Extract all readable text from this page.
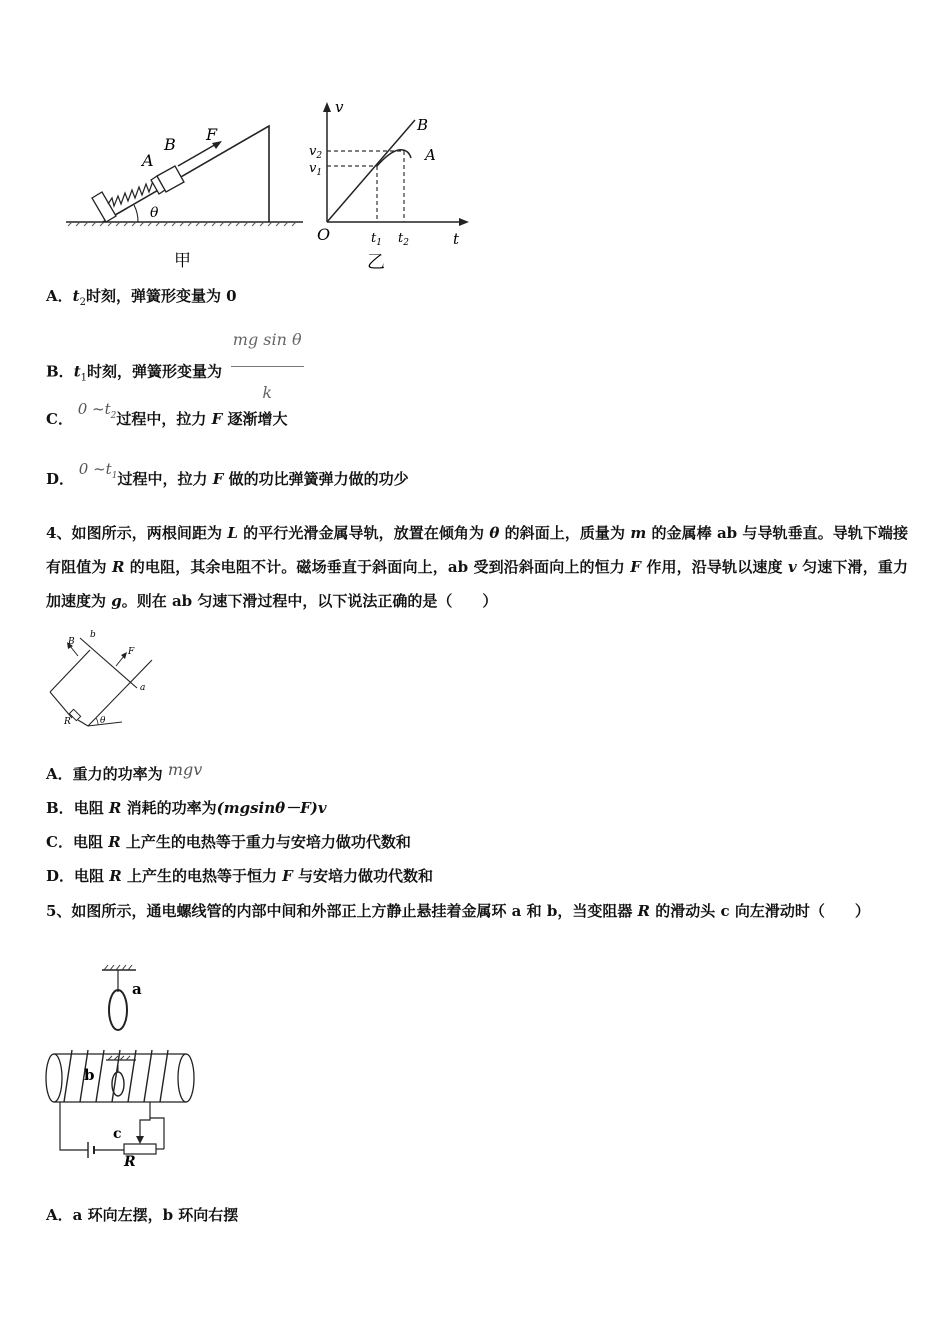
A
B
F
θ
甲
v
t
O
$v_2$
$v_1$
$t_1$ $t_2$
B
A
乙
A．$t_2$时刻，弹簧形变量为 0
B．$t_1$时刻，弹簧形变量为 $\frac{\text{mg sin θ}}{k}$
C． 0 $\sim t_2$过程中，拉力 F 逐渐增大
D． 0 $\sim t_1$过程中，拉力 F 做的功比弹簧弹力做的功少
4、如图所示，两根间距为 L 的平行光滑金属导轨，放置在倾角为 θ 的斜面上，质量为 m 的金属棒 ab 与导轨垂直。导轨下端接有阻值为 R 的电阻，其余电阻不计。磁场垂直于斜面向上，ab 受到沿斜面向上的恒力 F 作用，沿导轨以速度 v 匀速下滑，重力加速度为 g。则在 ab 匀速下滑过程中，以下说法正确的是（　　）
B
b
F
a
R	θ
A．重力的功率为 mgv
B．电阻 R 消耗的功率为(mgsinθ－F)v
C．电阻 R 上产生的电热等于重力与安培力做功代数和
D．电阻 R 上产生的电热等于恒力 F 与安培力做功代数和
5、如图所示，通电螺线管的内部中间和外部正上方静止悬挂着金属环 a 和 b，当变阻器 R 的滑动头 c 向左滑动时（　　）
a
b
c
R
A．a 环向左摆，b 环向右摆
